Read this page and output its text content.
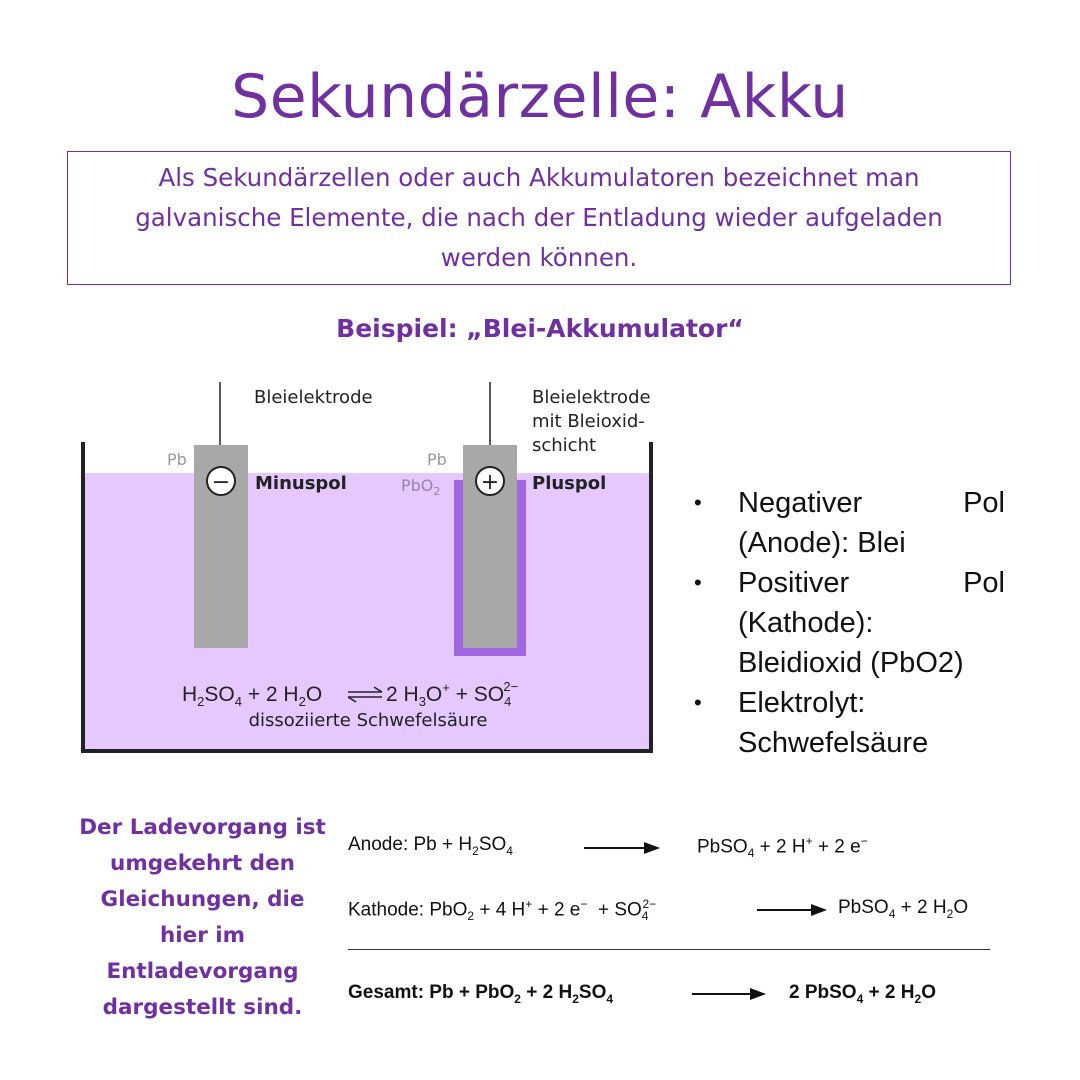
Sekundärzelle: Akku
Als Sekundärzellen oder auch Akkumulatoren bezeichnet man galvanische Elemente, die nach der Entladung wieder aufgeladen werden können.
Beispiel: „Blei-Akkumulator“
−
Pb
Bleielektrode
Minuspol	+
Pb
PbO$_2$
Bleielektrode mit Bleioxid- schicht
Pluspol
$H_2SO_4 + 2$ $H_2O$	2 $H_3O^+ + SO_42-$
dissoziierte Schwefelsäure
• Negativer	Pol
(Anode): Blei
• Positiver	Pol
(Kathode):
Bleidioxid (PbO2)
• Elektrolyt:
Schwefelsäure
Der Ladevorgang ist umgekehrt den Gleichungen, die hier im Entladevorgang dargestellt sind.
Anode: $Pb + H_2SO_4$	PbSO$_4$ + 2 H+ + 2 e−
Kathode: PbO$_2$ + 4 H+ + 2 $e^- + SO_4^{2-}$	PbSO$_4$ + 2 $H_2O$
Gesamt: Pb + PbO$_2$ + 2 $H_2SO_4$	2 PbSO$_4$ + 2 $H_2O$
